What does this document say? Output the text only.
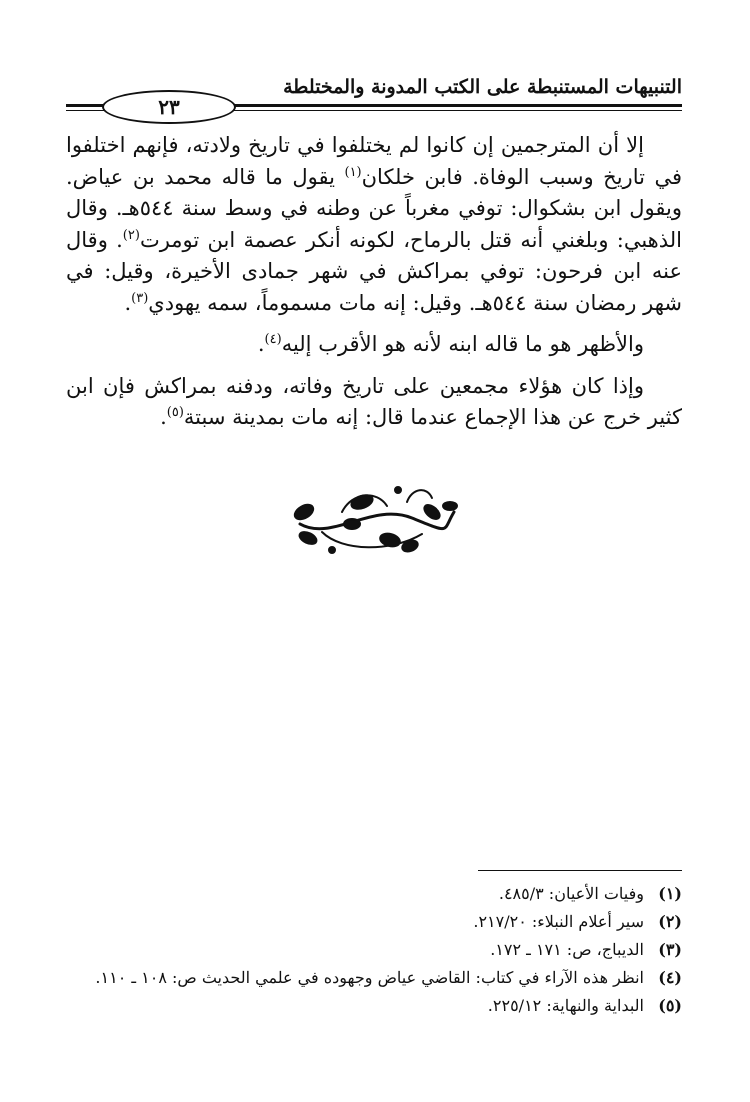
التنبيهات المستنبطة على الكتب المدونة والمختلطة
٢٣

إلا أن المترجمين إن كانوا لم يختلفوا في تاريخ ولادته، فإنهم اختلفوا في تاريخ وسبب الوفاة. فابن خلكان$^{(١)}$ يقول ما قاله محمد بن عياض. ويقول ابن بشكوال: توفي مغرباً عن وطنه في وسط سنة ٥٤٤هـ. وقال الذهبي: وبلغني أنه قتل بالرماح، لكونه أنكر عصمة ابن تومرت$^{(٢)}$. وقال عنه ابن فرحون: توفي بمراكش في شهر جمادى الأخيرة، وقيل: في شهر رمضان سنة ٥٤٤هـ. وقيل: إنه مات مسموماً، سمه يهودي$^{(٣)}$.

والأظهر هو ما قاله ابنه لأنه هو الأقرب إليه$^{(٤)}$.

وإذا كان هؤلاء مجمعين على تاريخ وفاته، ودفنه بمراكش فإن ابن كثير خرج عن هذا الإجماع عندما قال: إنه مات بمدينة سبتة$^{(٥)}$.

(١)
وفيات الأعيان: ٤٨٥/٣.
(٢)
سير أعلام النبلاء: ٢١٧/٢٠.
(٣)
الديباج، ص: ١٧١ ـ ١٧٢.
(٤)
انظر هذه الآراء في كتاب: القاضي عياض وجهوده في علمي الحديث ص: ١٠٨ ـ ١١٠.
(٥)
البداية والنهاية: ٢٢٥/١٢.
